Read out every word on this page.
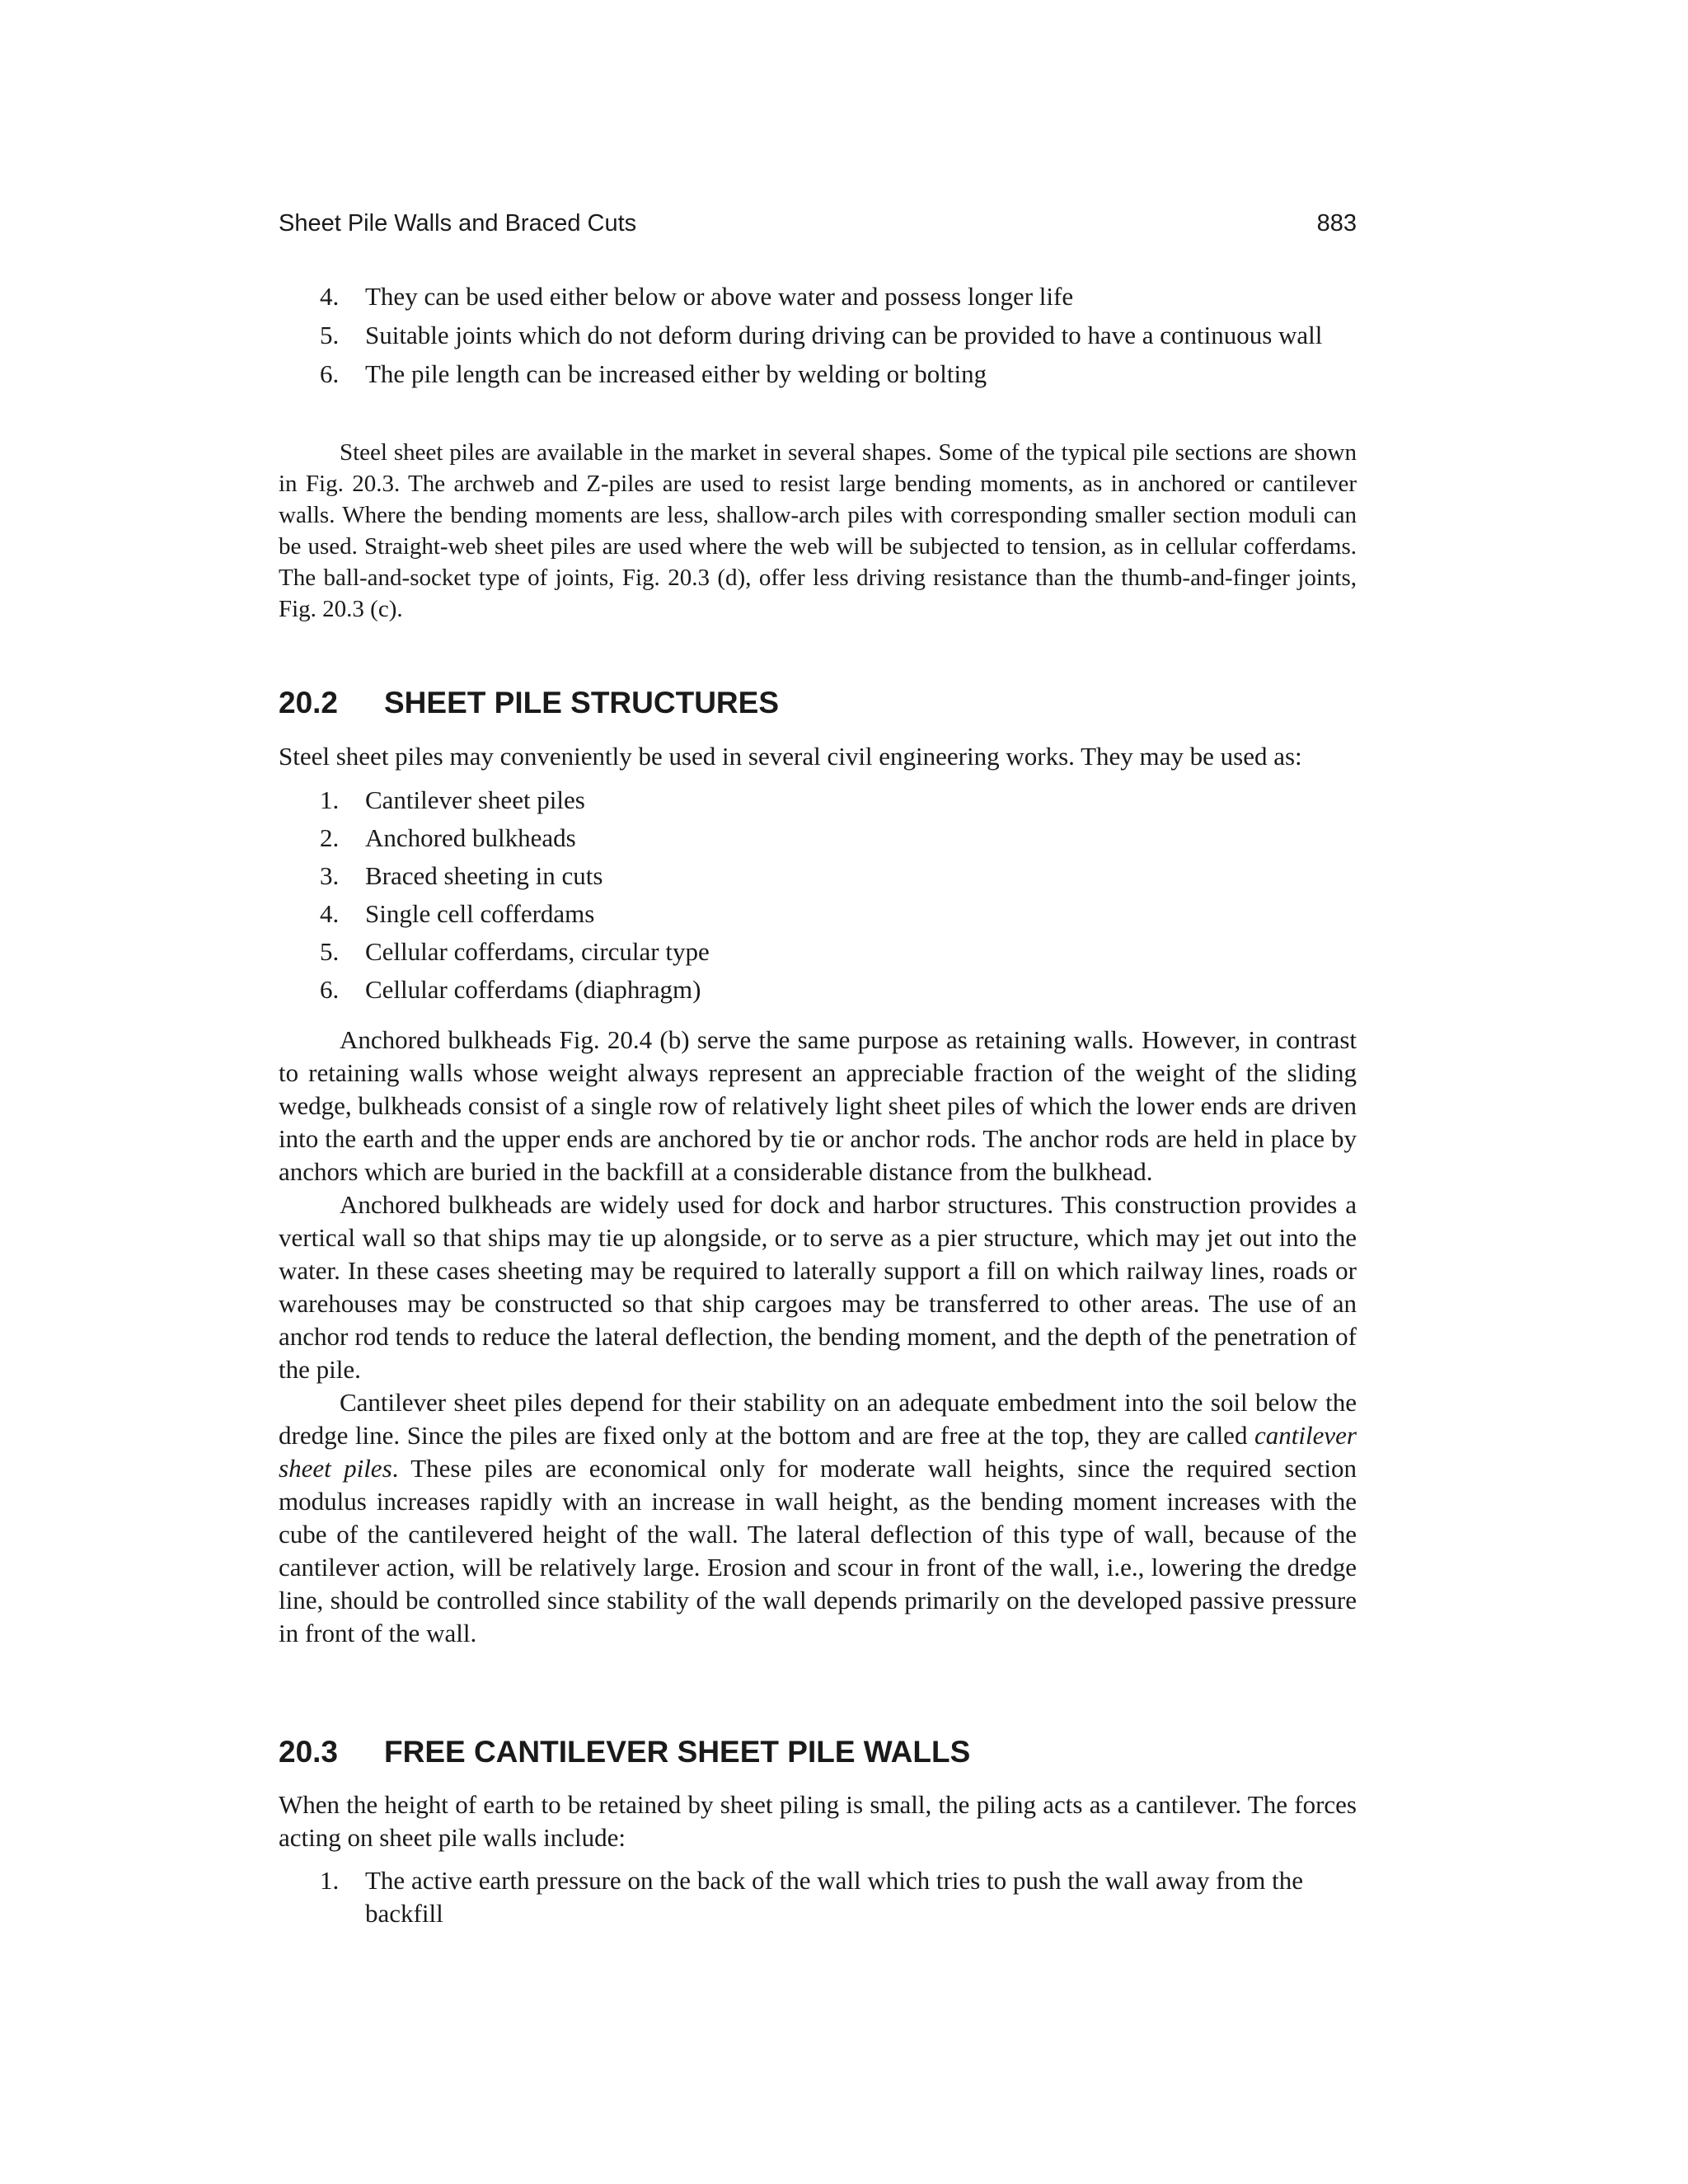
Sheet Pile Walls and Braced Cuts	883
4.	They can be used either below or above water and possess longer life
5.	Suitable joints which do not deform during driving can be provided to have a continuous wall
6.	The pile length can be increased either by welding or bolting

Steel sheet piles are available in the market in several shapes. Some of the typical pile sections are shown in Fig. 20.3. The archweb and Z-piles are used to resist large bending moments, as in anchored or cantilever walls. Where the bending moments are less, shallow-arch piles with corresponding smaller section moduli can be used. Straight-web sheet piles are used where the web will be subjected to tension, as in cellular cofferdams. The ball-and-socket type of joints, Fig. 20.3 (d), offer less driving resistance than the thumb-and-finger joints, Fig. 20.3 (c).

20.2 SHEET PILE STRUCTURES

Steel sheet piles may conveniently be used in several civil engineering works. They may be used as:

1.	Cantilever sheet piles
2.	Anchored bulkheads
3.	Braced sheeting in cuts
4.	Single cell cofferdams
5.	Cellular cofferdams, circular type
6.	Cellular cofferdams (diaphragm)

Anchored bulkheads Fig. 20.4 (b) serve the same purpose as retaining walls. However, in contrast to retaining walls whose weight always represent an appreciable fraction of the weight of the sliding wedge, bulkheads consist of a single row of relatively light sheet piles of which the lower ends are driven into the earth and the upper ends are anchored by tie or anchor rods. The anchor rods are held in place by anchors which are buried in the backfill at a considerable distance from the bulkhead.

Anchored bulkheads are widely used for dock and harbor structures. This construction provides a vertical wall so that ships may tie up alongside, or to serve as a pier structure, which may jet out into the water. In these cases sheeting may be required to laterally support a fill on which railway lines, roads or warehouses may be constructed so that ship cargoes may be transferred to other areas. The use of an anchor rod tends to reduce the lateral deflection, the bending moment, and the depth of the penetration of the pile.

Cantilever sheet piles depend for their stability on an adequate embedment into the soil below the dredge line. Since the piles are fixed only at the bottom and are free at the top, they are called cantilever sheet piles. These piles are economical only for moderate wall heights, since the required section modulus increases rapidly with an increase in wall height, as the bending moment increases with the cube of the cantilevered height of the wall. The lateral deflection of this type of wall, because of the cantilever action, will be relatively large. Erosion and scour in front of the wall, i.e., lowering the dredge line, should be controlled since stability of the wall depends primarily on the developed passive pressure in front of the wall.

20.3 FREE CANTILEVER SHEET PILE WALLS

When the height of earth to be retained by sheet piling is small, the piling acts as a cantilever. The forces acting on sheet pile walls include:

1.	The active earth pressure on the back of the wall which tries to push the wall away from the backfill
